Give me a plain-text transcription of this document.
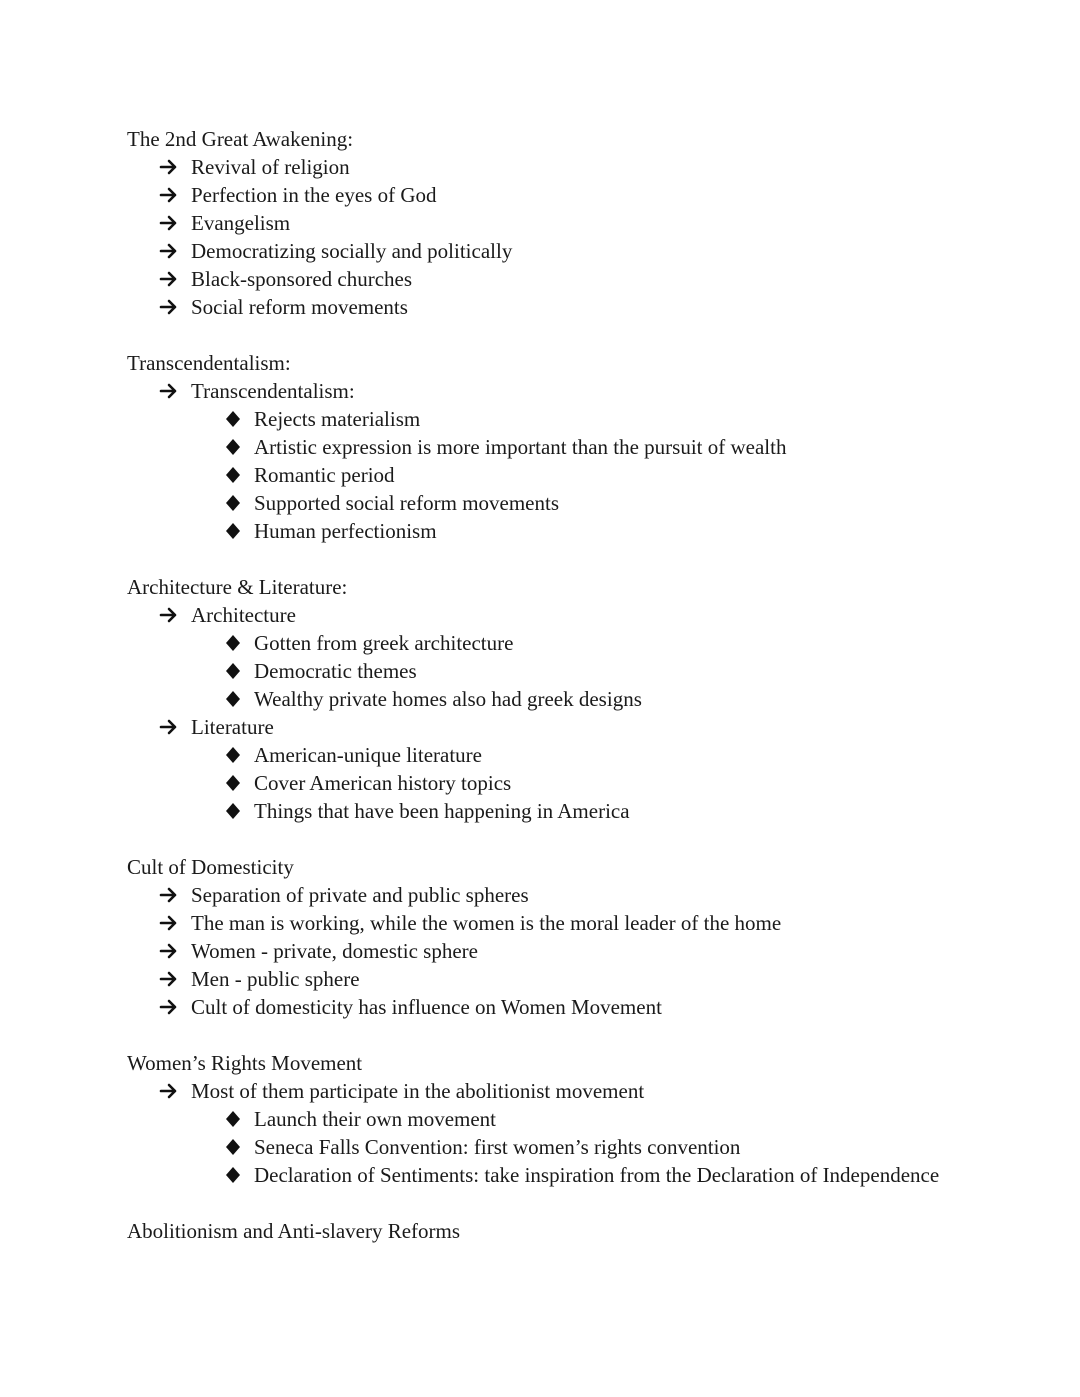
The 2nd Great Awakening:
Revival of religion
Perfection in the eyes of God
Evangelism
Democratizing socially and politically
Black-sponsored churches
Social reform movements
Transcendentalism:
Transcendentalism:
Rejects materialism
Artistic expression is more important than the pursuit of wealth
Romantic period
Supported social reform movements
Human perfectionism
Architecture & Literature:
Architecture
Gotten from greek architecture
Democratic themes
Wealthy private homes also had greek designs
Literature
American-unique literature
Cover American history topics
Things that have been happening in America
Cult of Domesticity
Separation of private and public spheres
The man is working, while the women is the moral leader of the home
Women - private, domestic sphere
Men - public sphere
Cult of domesticity has influence on Women Movement
Women’s Rights Movement
Most of them participate in the abolitionist movement
Launch their own movement
Seneca Falls Convention: first women’s rights convention
Declaration of Sentiments: take inspiration from the Declaration of Independence
Abolitionism and Anti-slavery Reforms
